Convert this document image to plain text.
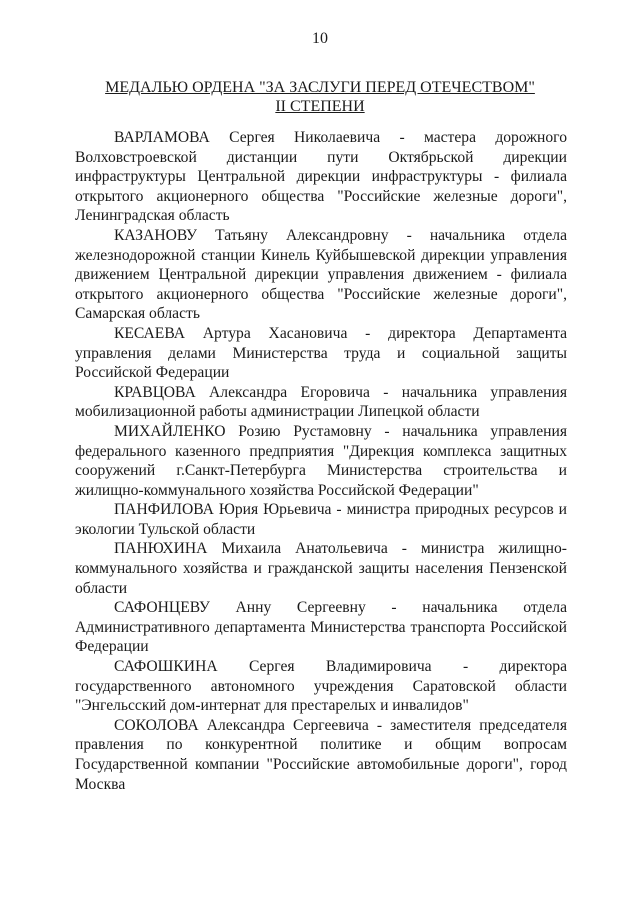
10
МЕДАЛЬЮ ОРДЕНА "ЗА ЗАСЛУГИ ПЕРЕД ОТЕЧЕСТВОМ"
II СТЕПЕНИ

ВАРЛАМОВА Сергея Николаевича - мастера дорожного Волховстроевской дистанции пути Октябрьской дирекции инфраструктуры Центральной дирекции инфраструктуры - филиала открытого акционерного общества "Российские железные дороги", Ленинградская область

КАЗАНОВУ Татьяну Александровну - начальника отдела железнодорожной станции Кинель Куйбышевской дирекции управления движением Центральной дирекции управления движением - филиала открытого акционерного общества "Российские железные дороги", Самарская область

КЕСАЕВА Артура Хасановича - директора Департамента управления делами Министерства труда и социальной защиты Российской Федерации

КРАВЦОВА Александра Егоровича - начальника управления мобилизационной работы администрации Липецкой области

МИХАЙЛЕНКО Розию Рустамовну - начальника управления федерального казенного предприятия "Дирекция комплекса защитных сооружений г.Санкт-Петербурга Министерства строительства и жилищно-коммунального хозяйства Российской Федерации"

ПАНФИЛОВА Юрия Юрьевича - министра природных ресурсов и экологии Тульской области

ПАНЮХИНА Михаила Анатольевича - министра жилищно-коммунального хозяйства и гражданской защиты населения Пензенской области

САФОНЦЕВУ Анну Сергеевну - начальника отдела Административного департамента Министерства транспорта Российской Федерации

САФОШКИНА Сергея Владимировича - директора государственного автономного учреждения Саратовской области "Энгельсский дом-интернат для престарелых и инвалидов"

СОКОЛОВА Александра Сергеевича - заместителя председателя правления по конкурентной политике и общим вопросам Государственной компании "Российские автомобильные дороги", город Москва
